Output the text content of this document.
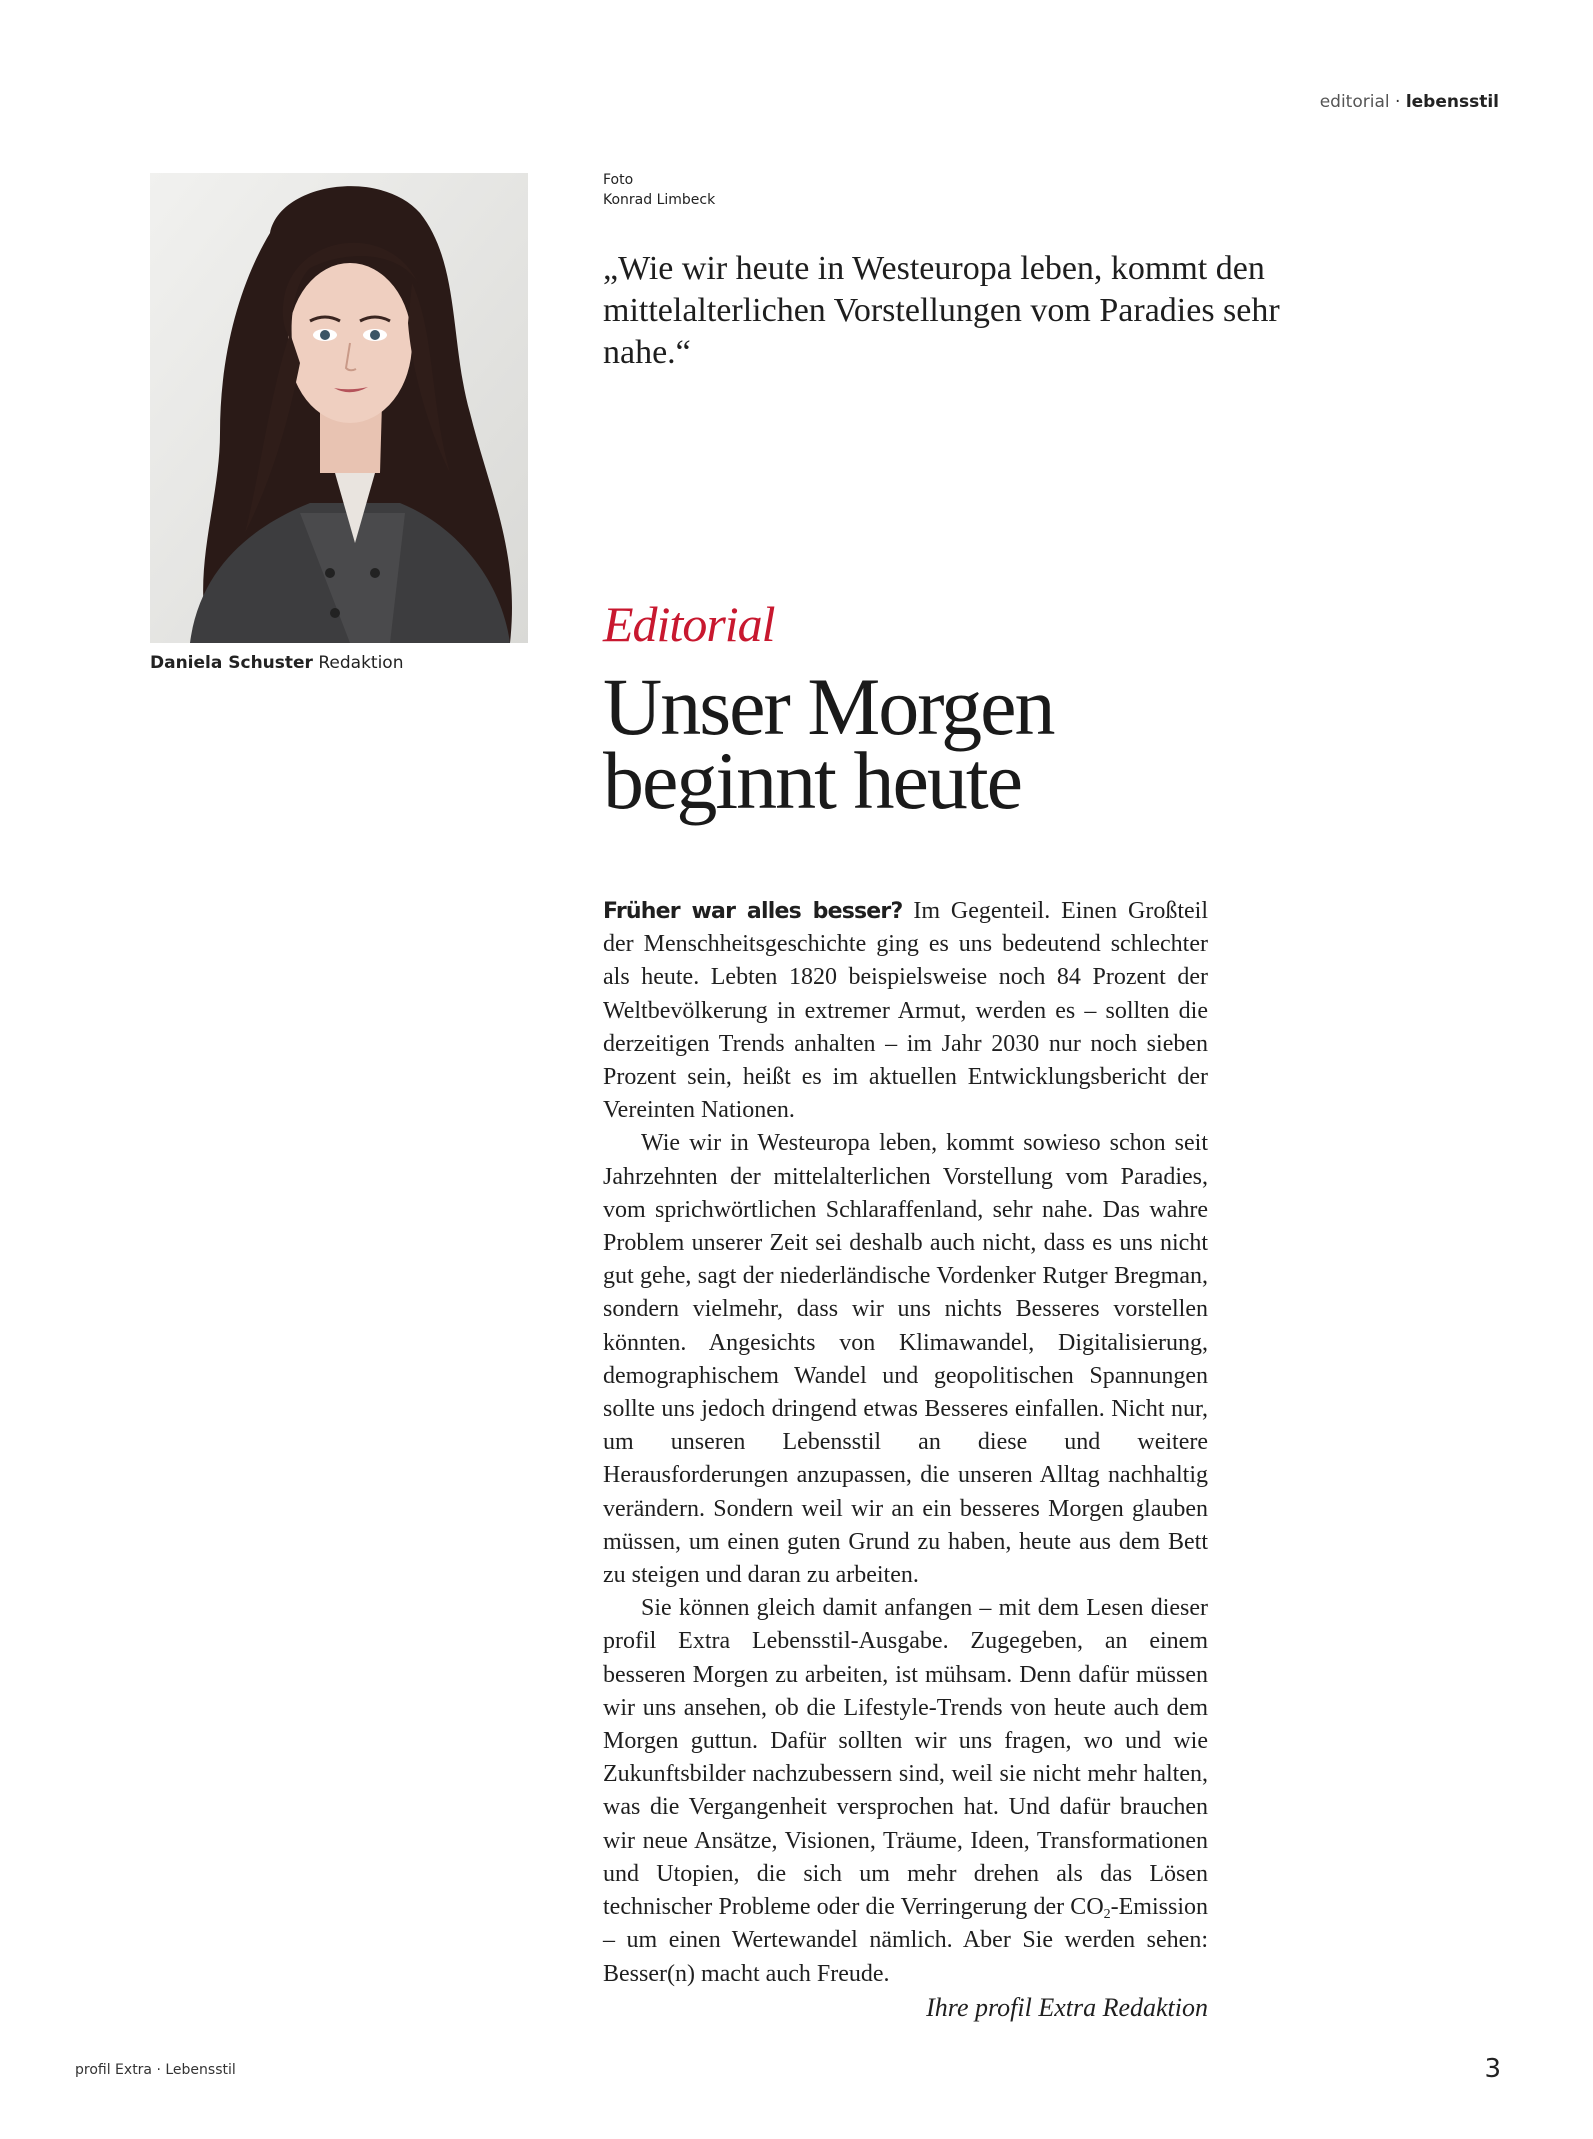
editorial · lebensstil
Daniela Schuster Redaktion
Foto
Konrad Limbeck
„Wie wir heute in Westeuropa leben, kommt den mittelalterlichen Vorstellungen vom Paradies sehr nahe.“
Editorial
Unser Morgen
beginnt heute

Früher war alles besser? Im Gegenteil. Einen Großteil der Menschheitsgeschichte ging es uns bedeutend schlechter als heute. Lebten 1820 beispielsweise noch 84 Prozent der Weltbevölkerung in extremer Armut, werden es – sollten die derzeitigen Trends anhalten – im Jahr 2030 nur noch sieben Prozent sein, heißt es im aktuellen Entwicklungsbericht der Vereinten Nationen.

Wie wir in Westeuropa leben, kommt sowieso schon seit Jahrzehnten der mittelalterlichen Vorstellung vom Paradies, vom sprichwörtlichen Schlaraffenland, sehr nahe. Das wahre Problem unserer Zeit sei deshalb auch nicht, dass es uns nicht gut gehe, sagt der niederländische Vordenker Rutger Bregman, sondern vielmehr, dass wir uns nichts Besseres vorstellen könnten. Angesichts von Klimawandel, Digitalisierung, demographischem Wandel und geopolitischen Spannungen sollte uns jedoch dringend etwas Besseres einfallen. Nicht nur, um unseren Lebensstil an diese und weitere Herausforderungen anzupassen, die unseren Alltag nachhaltig verändern. Sondern weil wir an ein besseres Morgen glauben müssen, um einen guten Grund zu haben, heute aus dem Bett zu steigen und daran zu arbeiten.

Sie können gleich damit anfangen – mit dem Lesen dieser profil Extra Lebensstil-Ausgabe. Zugegeben, an einem besseren Morgen zu arbeiten, ist mühsam. Denn dafür müssen wir uns ansehen, ob die Lifestyle-Trends von heute auch dem Morgen guttun. Dafür sollten wir uns fragen, wo und wie Zukunftsbilder nachzubessern sind, weil sie nicht mehr halten, was die Vergangenheit versprochen hat. Und dafür brauchen wir neue Ansätze, Visionen, Träume, Ideen, Transformationen und Utopien, die sich um mehr drehen als das Lösen technischer Probleme oder die Verringerung der $CO_2$-Emission – um einen Wertewandel nämlich. Aber Sie werden sehen: Besser(n) macht auch Freude.

Ihre profil Extra Redaktion
profil Extra · Lebensstil	3
